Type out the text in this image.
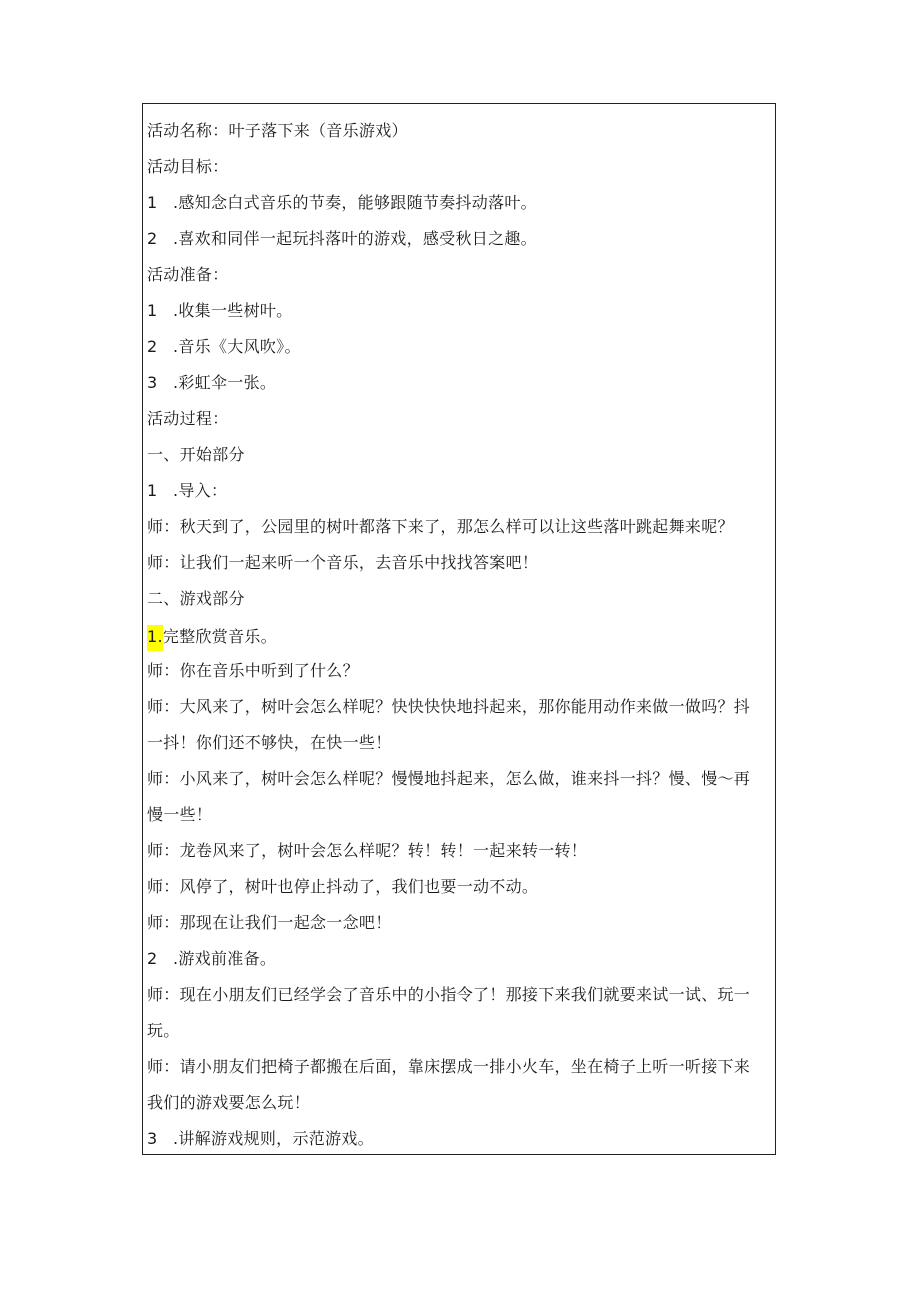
活动名称：叶子落下来（音乐游戏）
活动目标：
1 .感知念白式音乐的节奏，能够跟随节奏抖动落叶。
2 .喜欢和同伴一起玩抖落叶的游戏，感受秋日之趣。
活动准备：
1 .收集一些树叶。
2 .音乐《大风吹》。
3 .彩虹伞一张。
活动过程：
一、开始部分
1 .导入：
师：秋天到了，公园里的树叶都落下来了，那怎么样可以让这些落叶跳起舞来呢？
师：让我们一起来听一个音乐，去音乐中找找答案吧！
二、游戏部分
1.完整欣赏音乐。
师：你在音乐中听到了什么？
师：大风来了，树叶会怎么样呢？快快快快地抖起来，那你能用动作来做一做吗？抖
一抖！你们还不够快，在快一些！
师：小风来了，树叶会怎么样呢？慢慢地抖起来，怎么做，谁来抖一抖？慢、慢～再
慢一些！
师：龙卷风来了，树叶会怎么样呢？转！转！一起来转一转！
师：风停了，树叶也停止抖动了，我们也要一动不动。
师：那现在让我们一起念一念吧！
2 .游戏前准备。
师：现在小朋友们已经学会了音乐中的小指令了！那接下来我们就要来试一试、玩一
玩。
师：请小朋友们把椅子都搬在后面，靠床摆成一排小火车，坐在椅子上听一听接下来
我们的游戏要怎么玩！
3 .讲解游戏规则，示范游戏。
